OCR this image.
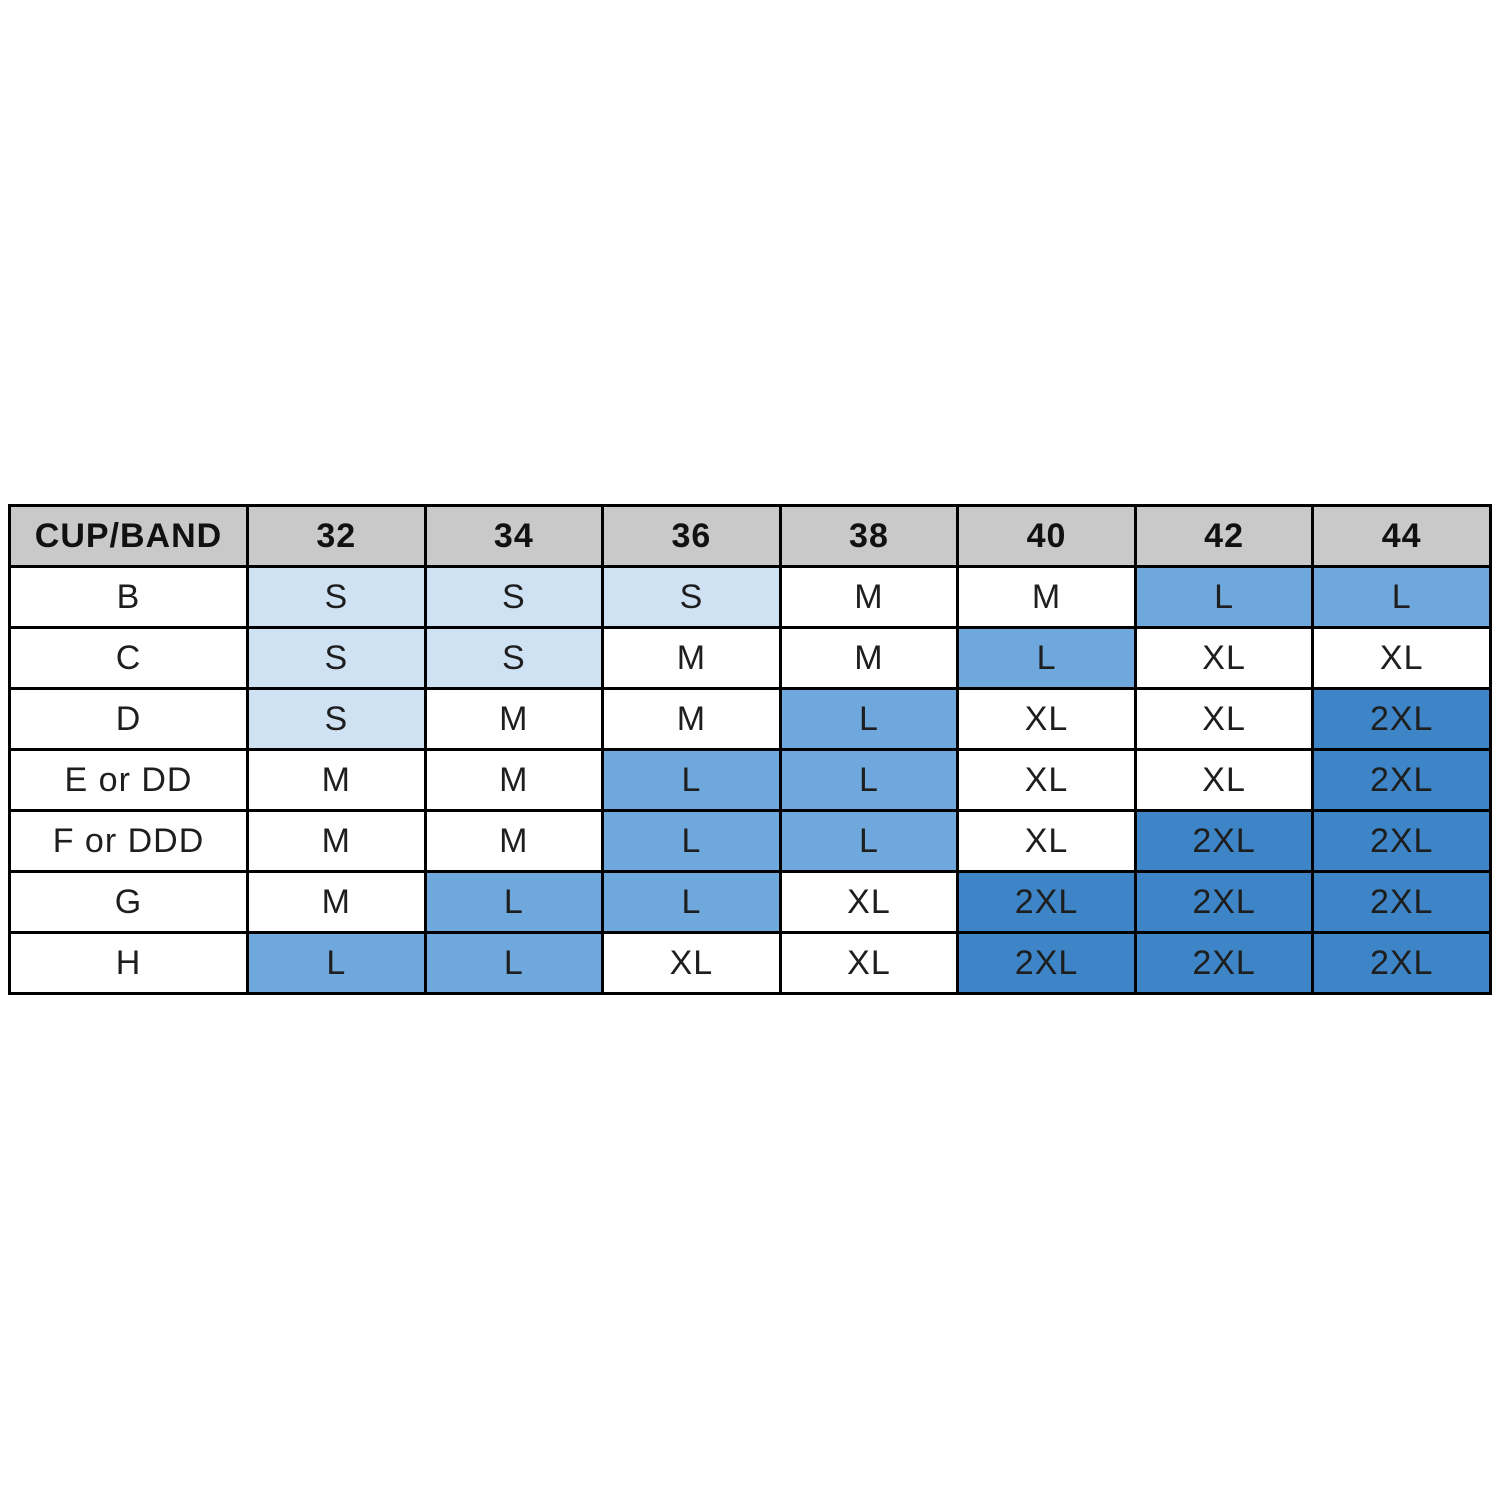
CUP/BAND	32	34	36	38	40	42	44
B	S	S	S	M	M	L	L
C	S	S	M	M	L	XL	XL
D	S	M	M	L	XL	XL	2XL
E or DD	M	M	L	L	XL	XL	2XL
F or DDD	M	M	L	L	XL	2XL	2XL
G	M	L	L	XL	2XL	2XL	2XL
H	L	L	XL	XL	2XL	2XL	2XL
